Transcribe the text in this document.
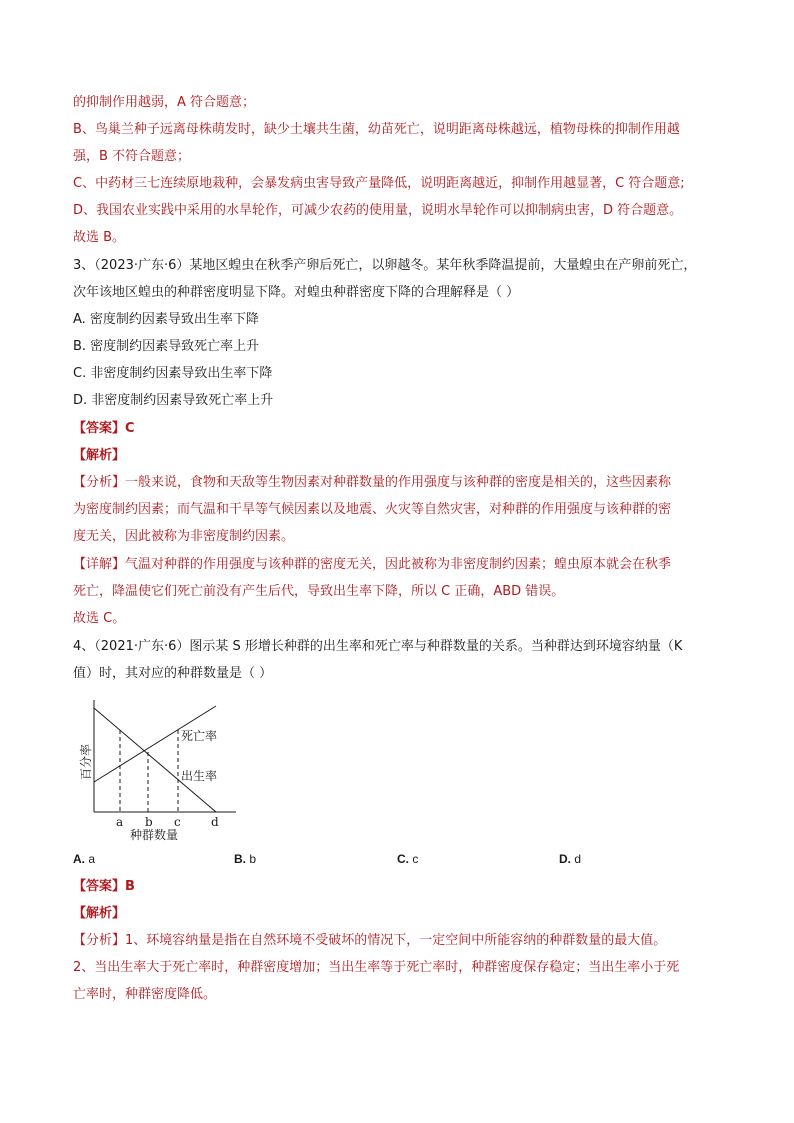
的抑制作用越弱，A 符合题意；
B、鸟巢兰种子远离母株萌发时，缺少土壤共生菌，幼苗死亡，说明距离母株越远，植物母株的抑制作用越
强，B 不符合题意；
C、中药材三七连续原地栽种，会暴发病虫害导致产量降低，说明距离越近，抑制作用越显著，C 符合题意;
D、我国农业实践中采用的水旱轮作，可减少农药的使用量，说明水旱轮作可以抑制病虫害，D 符合题意。
故选 B。
3、（2023·广东·6）某地区蝗虫在秋季产卵后死亡，以卵越冬。某年秋季降温提前，大量蝗虫在产卵前死亡，
次年该地区蝗虫的种群密度明显下降。对蝗虫种群密度下降的合理解释是（ ）
A. 密度制约因素导致出生率下降
B. 密度制约因素导致死亡率上升
C. 非密度制约因素导致出生率下降
D. 非密度制约因素导致死亡率上升
【答案】C
【解析】
【分析】一般来说，食物和天敌等生物因素对种群数量的作用强度与该种群的密度是相关的，这些因素称
为密度制约因素；而气温和干旱等气候因素以及地震、火灾等自然灾害，对种群的作用强度与该种群的密
度无关，因此被称为非密度制约因素。
【详解】气温对种群的作用强度与该种群的密度无关，因此被称为非密度制约因素；蝗虫原本就会在秋季
死亡，降温使它们死亡前没有产生后代，导致出生率下降，所以 C 正确，ABD 错误。
故选 C。
4、（2021·广东·6）图示某 S 形增长种群的出生率和死亡率与种群数量的关系。当种群达到环境容纳量（K
值）时，其对应的种群数量是（ ）
死亡率
出生率
a b c	d
种群数量
百分率
A. a	B. b	C. c	D. d
【答案】B
【解析】
【分析】1、环境容纳量是指在自然环境不受破坏的情况下，一定空间中所能容纳的种群数量的最大值。
2、当出生率大于死亡率时，种群密度增加；当出生率等于死亡率时，种群密度保存稳定；当出生率小于死
亡率时，种群密度降低。
